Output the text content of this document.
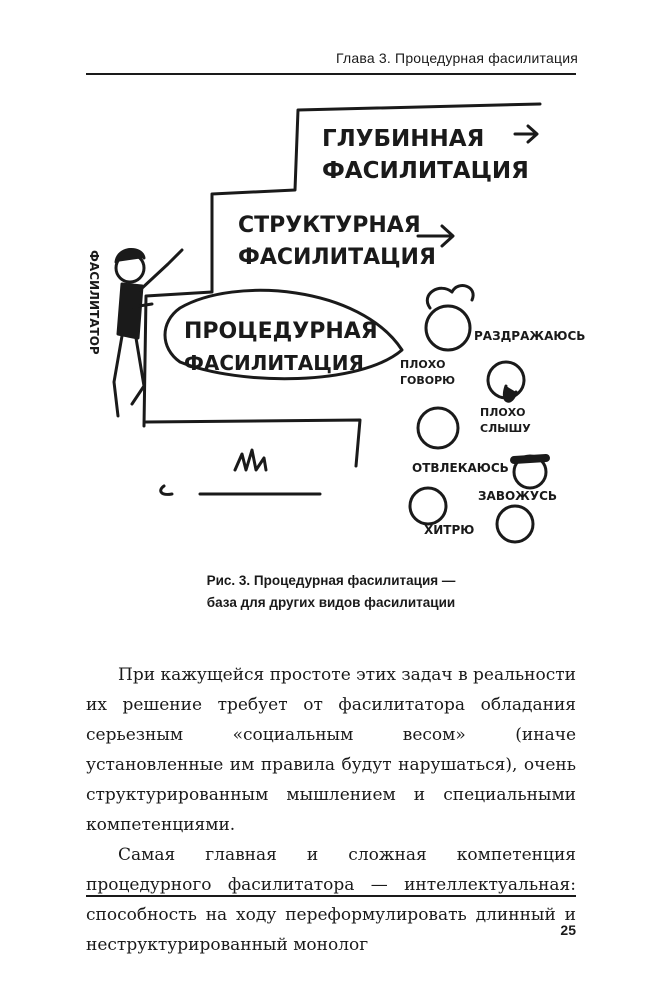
Глава 3. Процедурная фасилитация
ГЛУБИННАЯ
ФАСИЛИТАЦИЯ
СТРУКТУРНАЯ
ФАСИЛИТАЦИЯ
ПРОЦЕДУРНАЯ
ФАСИЛИТАЦИЯ
ФАСИЛИТАТОР	РАЗДРАЖАЮСЬ
ПЛОХО
ГОВОРЮ
ПЛОХО
СЛЫШУ
ОТВЛЕКАЮСЬ
ЗАВОЖУСЬ
ХИТРЮ
Рис. 3. Процедурная фасилитация —
база для других видов фасилитации

При кажущейся простоте этих задач в реальности их решение требует от фасилитатора обладания серьезным «социальным весом» (иначе установленные им правила будут нарушаться), очень структурированным мышлением и специальными компетенциями.

Самая главная и сложная компетенция процедурного фасилитатора — интеллектуальная: способность на ходу переформулировать длинный и неструктурированный монолог

25
